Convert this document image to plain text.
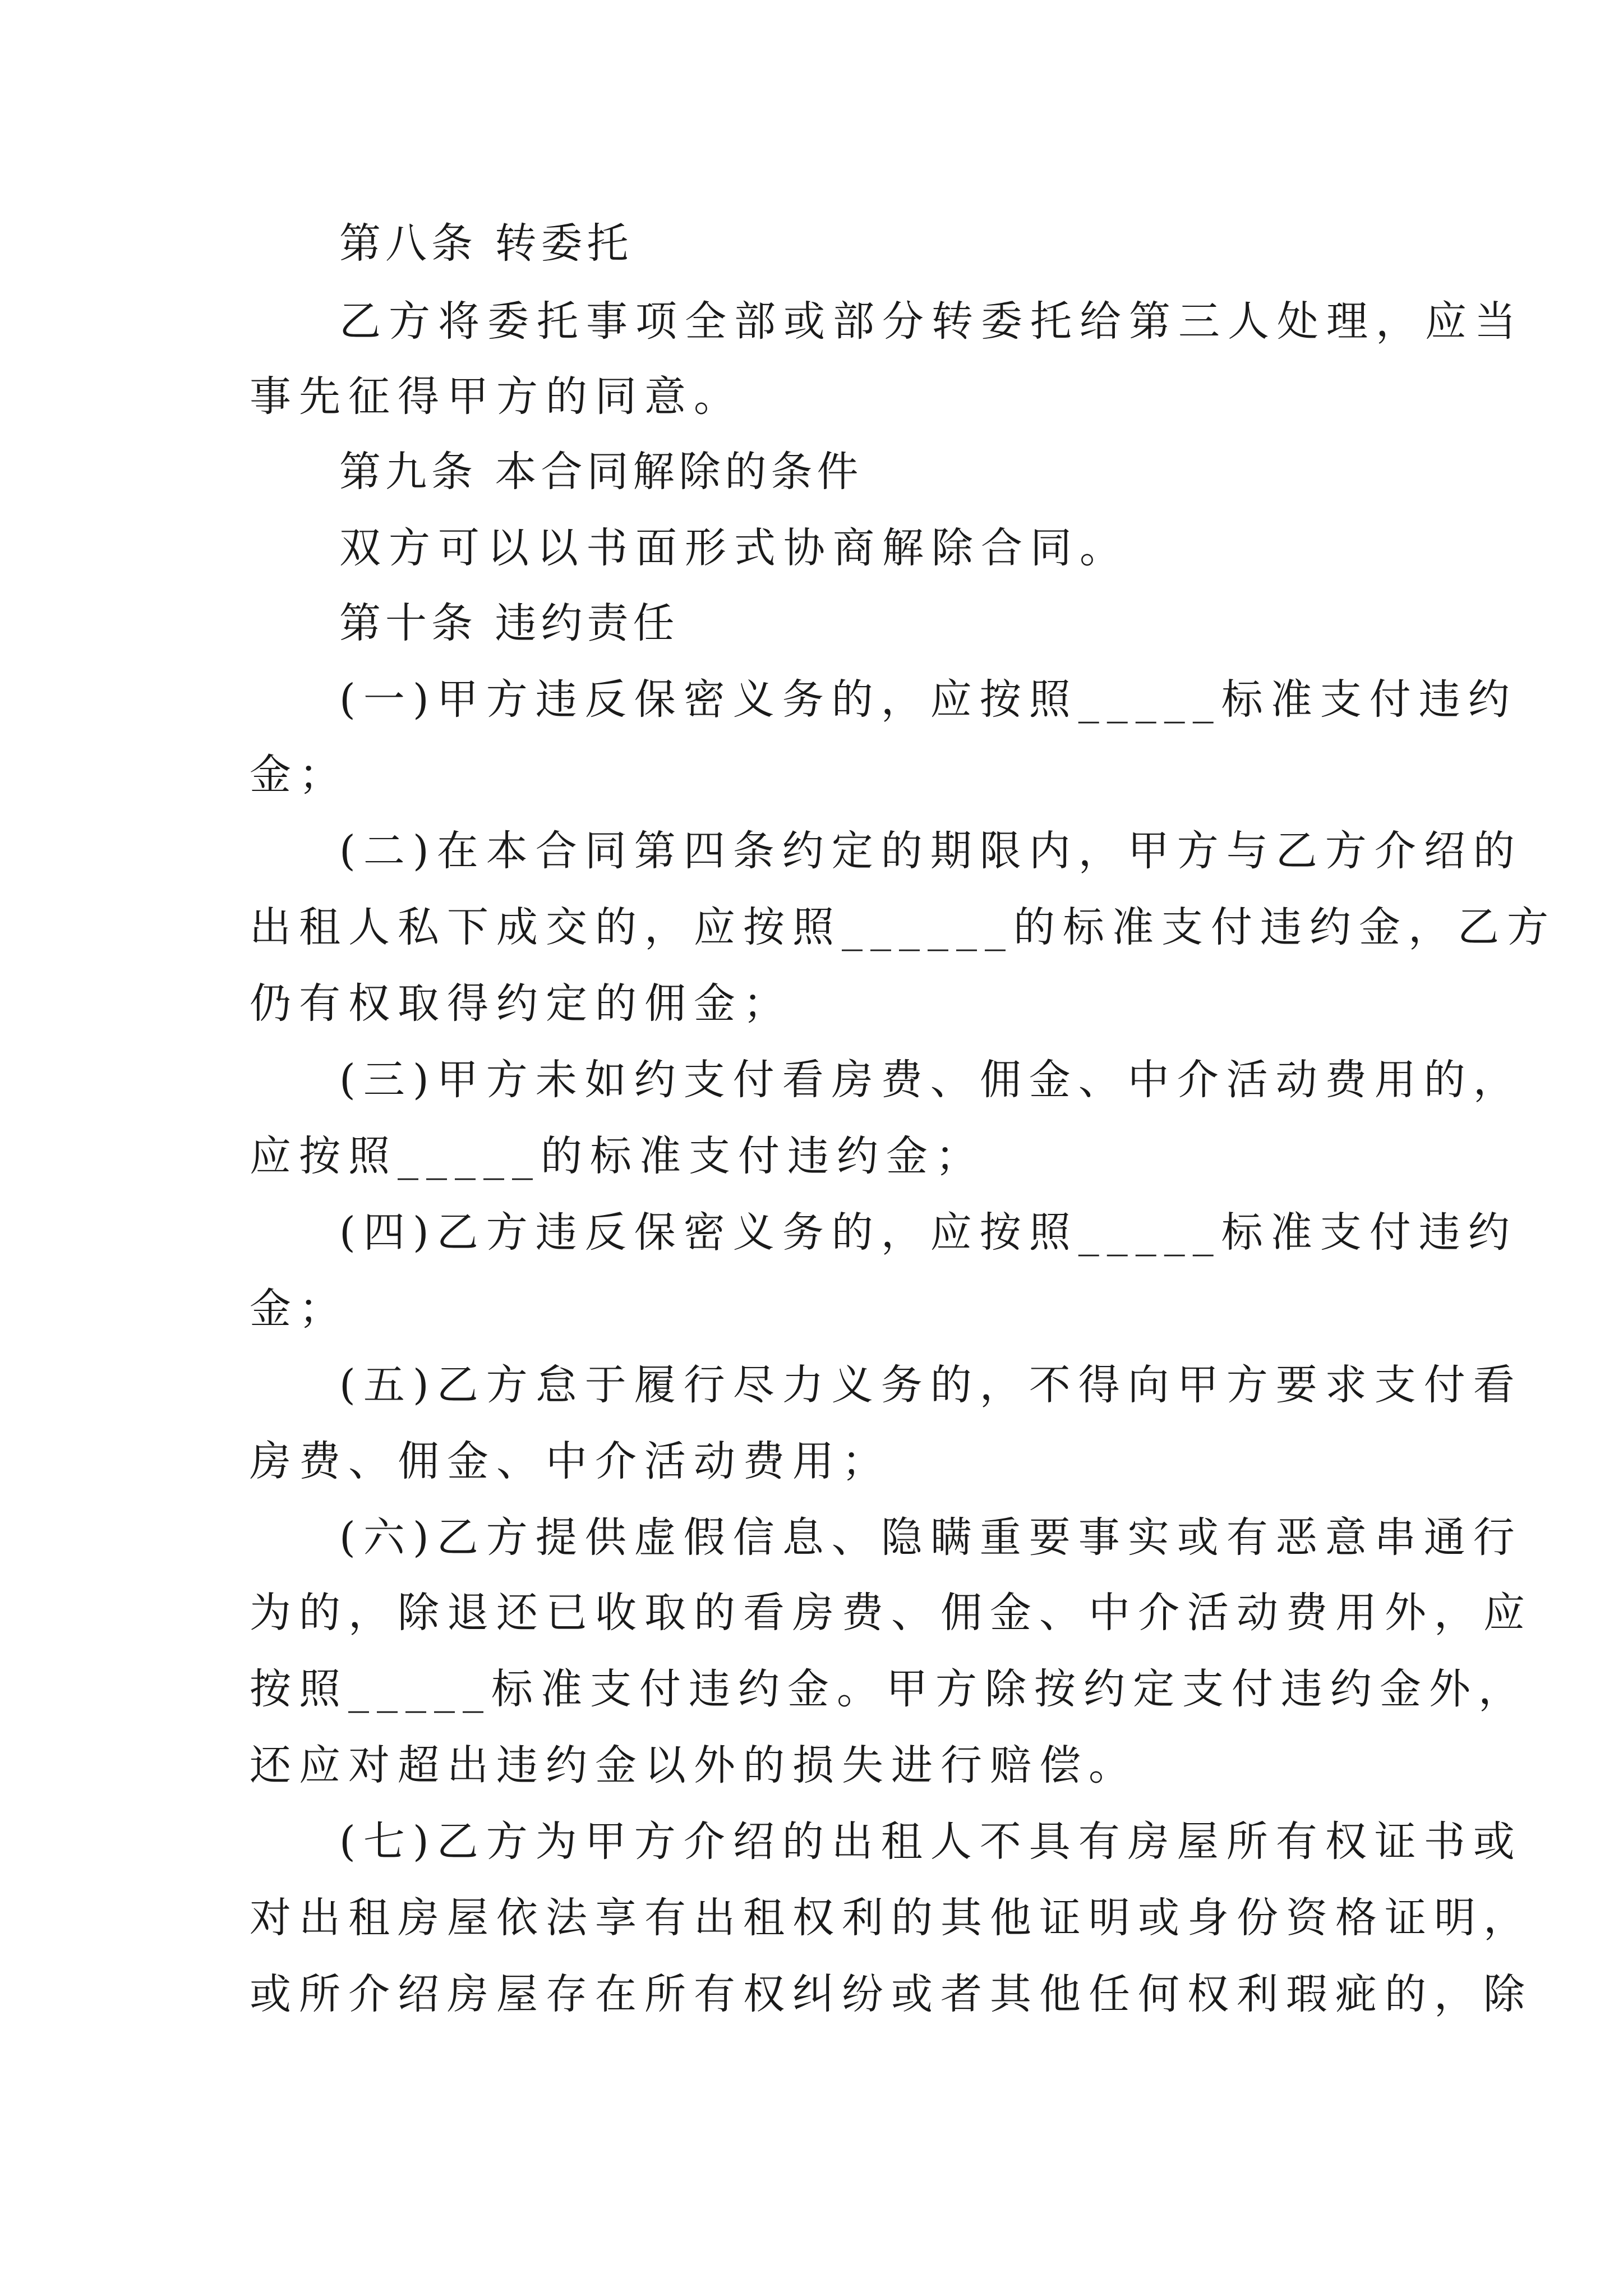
第八条 转委托
乙方将委托事项全部或部分转委托给第三人处理，应当
事先征得甲方的同意。
第九条 本合同解除的条件
双方可以以书面形式协商解除合同。
第十条 违约责任
(一)甲方违反保密义务的，应按照_____标准支付违约
金；
(二)在本合同第四条约定的期限内，甲方与乙方介绍的
出租人私下成交的，应按照______的标准支付违约金，乙方
仍有权取得约定的佣金；
(三)甲方未如约支付看房费、佣金、中介活动费用的，
应按照_____的标准支付违约金；
(四)乙方违反保密义务的，应按照_____标准支付违约
金；
(五)乙方怠于履行尽力义务的，不得向甲方要求支付看
房费、佣金、中介活动费用；
(六)乙方提供虚假信息、隐瞒重要事实或有恶意串通行
为的，除退还已收取的看房费、佣金、中介活动费用外，应
按照_____标准支付违约金。甲方除按约定支付违约金外，
还应对超出违约金以外的损失进行赔偿。
(七)乙方为甲方介绍的出租人不具有房屋所有权证书或
对出租房屋依法享有出租权利的其他证明或身份资格证明，
或所介绍房屋存在所有权纠纷或者其他任何权利瑕疵的，除
